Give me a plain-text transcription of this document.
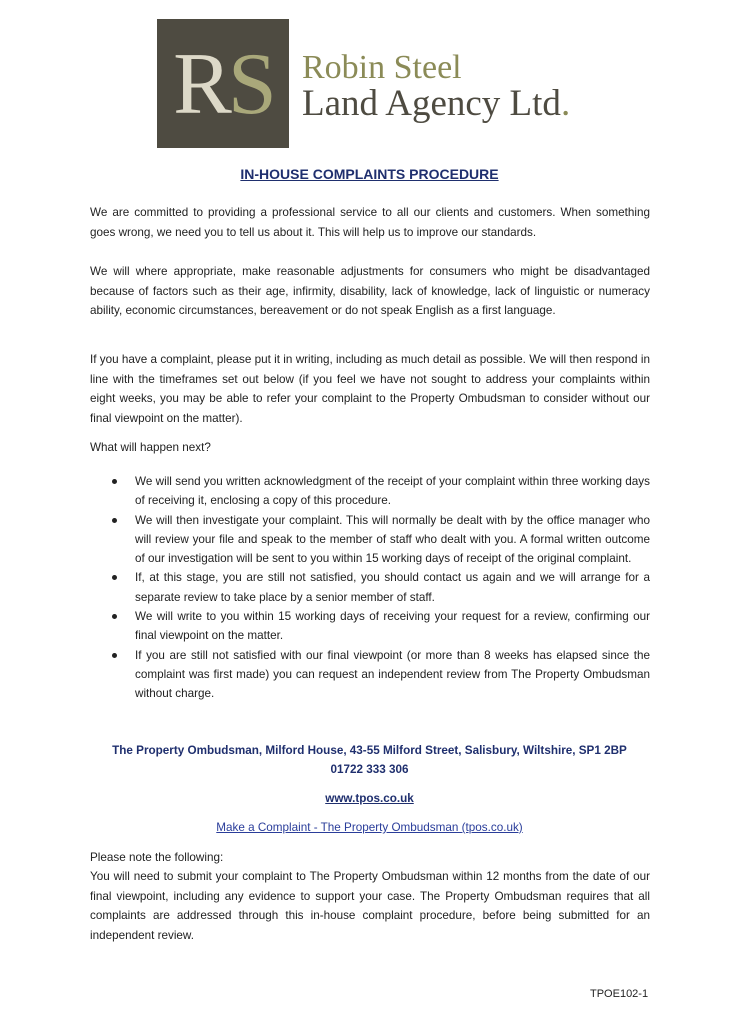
RS Robin Steel
Land Agency Ltd.
IN-HOUSE COMPLAINTS PROCEDURE

We are committed to providing a professional service to all our clients and customers. When something goes wrong, we need you to tell us about it. This will help us to improve our standards.

We will where appropriate, make reasonable adjustments for consumers who might be disadvantaged because of factors such as their age, infirmity, disability, lack of knowledge, lack of linguistic or numeracy ability, economic circumstances, bereavement or do not speak English as a first language.

If you have a complaint, please put it in writing, including as much detail as possible. We will then respond in line with the timeframes set out below (if you feel we have not sought to address your complaints within eight weeks, you may be able to refer your complaint to the Property Ombudsman to consider without our final viewpoint on the matter).

What will happen next?

We will send you written acknowledgment of the receipt of your complaint within three working days of receiving it, enclosing a copy of this procedure.
We will then investigate your complaint. This will normally be dealt with by the office manager who will review your file and speak to the member of staff who dealt with you. A formal written outcome of our investigation will be sent to you within 15 working days of receipt of the original complaint.
If, at this stage, you are still not satisfied, you should contact us again and we will arrange for a separate review to take place by a senior member of staff.
We will write to you within 15 working days of receiving your request for a review, confirming our final viewpoint on the matter.
If you are still not satisfied with our final viewpoint (or more than 8 weeks has elapsed since the complaint was first made) you can request an independent review from The Property Ombudsman without charge.
The Property Ombudsman, Milford House, 43-55 Milford Street, Salisbury, Wiltshire, SP1 2BP
01722 333 306
www.tpos.co.uk
Make a Complaint - The Property Ombudsman (tpos.co.uk)

Please note the following:

You will need to submit your complaint to The Property Ombudsman within 12 months from the date of our final viewpoint, including any evidence to support your case. The Property Ombudsman requires that all complaints are addressed through this in-house complaint procedure, before being submitted for an independent review.

TPOE102-1
